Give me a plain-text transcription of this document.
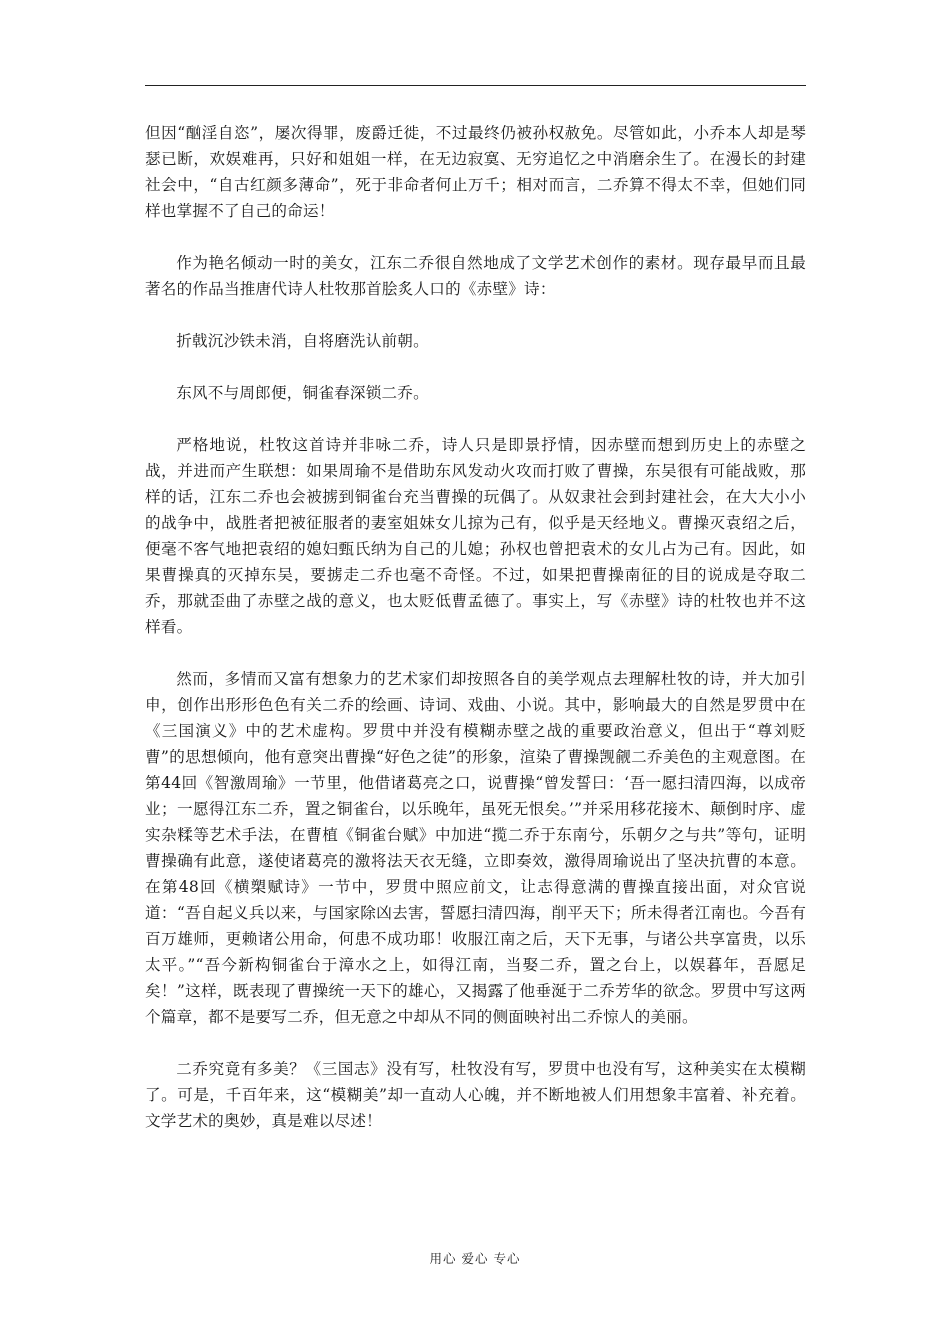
但因“酗淫自恣”，屡次得罪，废爵迁徙，不过最终仍被孙权赦免。尽管如此，小乔本人却是琴瑟已断，欢娱难再，只好和姐姐一样，在无边寂寞、无穷追忆之中消磨余生了。在漫长的封建社会中，“自古红颜多薄命”，死于非命者何止万千；相对而言，二乔算不得太不幸，但她们同样也掌握不了自己的命运！

作为艳名倾动一时的美女，江东二乔很自然地成了文学艺术创作的素材。现存最早而且最著名的作品当推唐代诗人杜牧那首脍炙人口的《赤壁》诗：

折戟沉沙铁未消，自将磨洗认前朝。

东风不与周郎便，铜雀春深锁二乔。

严格地说，杜牧这首诗并非咏二乔，诗人只是即景抒情，因赤壁而想到历史上的赤壁之战，并进而产生联想：如果周瑜不是借助东风发动火攻而打败了曹操，东吴很有可能战败，那样的话，江东二乔也会被掳到铜雀台充当曹操的玩偶了。从奴隶社会到封建社会，在大大小小的战争中，战胜者把被征服者的妻室姐妹女儿掠为己有，似乎是天经地义。曹操灭袁绍之后，便毫不客气地把袁绍的媳妇甄氏纳为自己的儿媳；孙权也曾把袁术的女儿占为己有。因此，如果曹操真的灭掉东吴，要掳走二乔也毫不奇怪。不过，如果把曹操南征的目的说成是夺取二乔，那就歪曲了赤壁之战的意义，也太贬低曹孟德了。事实上，写《赤壁》诗的杜牧也并不这样看。

然而，多情而又富有想象力的艺术家们却按照各自的美学观点去理解杜牧的诗，并大加引申，创作出形形色色有关二乔的绘画、诗词、戏曲、小说。其中，影响最大的自然是罗贯中在《三国演义》中的艺术虚构。罗贯中并没有模糊赤壁之战的重要政治意义，但出于“尊刘贬曹”的思想倾向，他有意突出曹操“好色之徒”的形象，渲染了曹操觊觎二乔美色的主观意图。在第44回《智激周瑜》一节里，他借诸葛亮之口，说曹操“曾发誓曰：‘吾一愿扫清四海，以成帝业；一愿得江东二乔，置之铜雀台，以乐晚年，虽死无恨矣。’”并采用移花接木、颠倒时序、虚实杂糅等艺术手法，在曹植《铜雀台赋》中加进“揽二乔于东南兮，乐朝夕之与共”等句，证明曹操确有此意，遂使诸葛亮的激将法天衣无缝，立即奏效，激得周瑜说出了坚决抗曹的本意。在第48回《横槊赋诗》一节中，罗贯中照应前文，让志得意满的曹操直接出面，对众官说道：“吾自起义兵以来，与国家除凶去害，誓愿扫清四海，削平天下；所未得者江南也。今吾有百万雄师，更赖诸公用命，何患不成功耶！收服江南之后，天下无事，与诸公共享富贵，以乐太平。”“吾今新构铜雀台于漳水之上，如得江南，当娶二乔，置之台上，以娱暮年，吾愿足矣！”这样，既表现了曹操统一天下的雄心，又揭露了他垂涎于二乔芳华的欲念。罗贯中写这两个篇章，都不是要写二乔，但无意之中却从不同的侧面映衬出二乔惊人的美丽。

二乔究竟有多美？《三国志》没有写，杜牧没有写，罗贯中也没有写，这种美实在太模糊了。可是，千百年来，这“模糊美”却一直动人心魄，并不断地被人们用想象丰富着、补充着。文学艺术的奥妙，真是难以尽述！

用心 爱心 专心
